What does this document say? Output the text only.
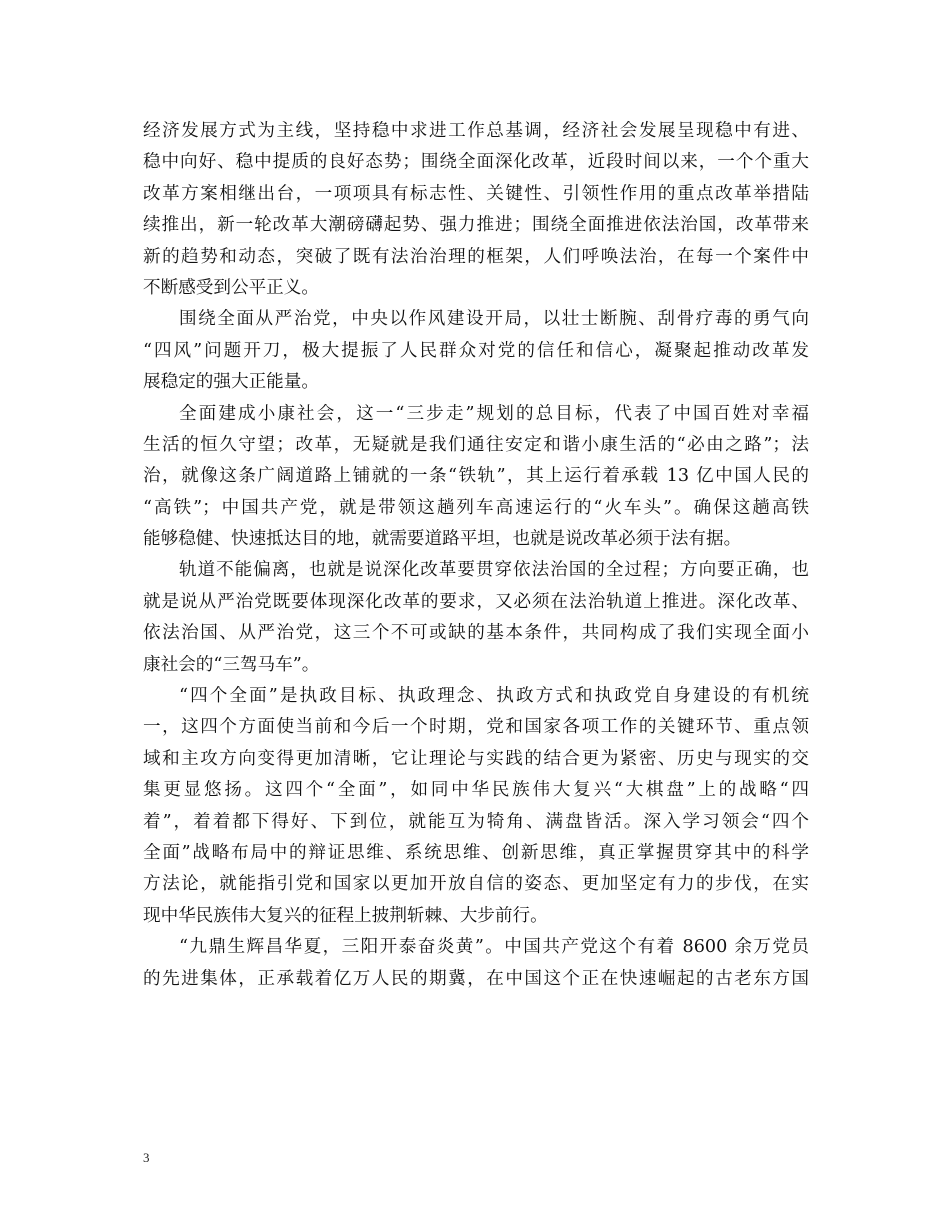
经济发展方式为主线，坚持稳中求进工作总基调，经济社会发展呈现稳中有进、
稳中向好、稳中提质的良好态势；围绕全面深化改革，近段时间以来，一个个重大
改革方案相继出台，一项项具有标志性、关键性、引领性作用的重点改革举措陆
续推出，新一轮改革大潮磅礴起势、强力推进；围绕全面推进依法治国，改革带来
新的趋势和动态，突破了既有法治治理的框架，人们呼唤法治，在每一个案件中
不断感受到公平正义。
围绕全面从严治党，中央以作风建设开局，以壮士断腕、刮骨疗毒的勇气向
“四风”问题开刀，极大提振了人民群众对党的信任和信心，凝聚起推动改革发
展稳定的强大正能量。
全面建成小康社会，这一“三步走”规划的总目标，代表了中国百姓对幸福
生活的恒久守望；改革，无疑就是我们通往安定和谐小康生活的“必由之路”；法
治，就像这条广阔道路上铺就的一条“铁轨”，其上运行着承载 13 亿中国人民的
“高铁”；中国共产党，就是带领这趟列车高速运行的“火车头”。确保这趟高铁
能够稳健、快速抵达目的地，就需要道路平坦，也就是说改革必须于法有据。
轨道不能偏离，也就是说深化改革要贯穿依法治国的全过程；方向要正确，也
就是说从严治党既要体现深化改革的要求，又必须在法治轨道上推进。深化改革、
依法治国、从严治党，这三个不可或缺的基本条件，共同构成了我们实现全面小
康社会的“三驾马车”。
“四个全面”是执政目标、执政理念、执政方式和执政党自身建设的有机统
一，这四个方面使当前和今后一个时期，党和国家各项工作的关键环节、重点领
域和主攻方向变得更加清晰，它让理论与实践的结合更为紧密、历史与现实的交
集更显悠扬。这四个“全面”，如同中华民族伟大复兴“大棋盘”上的战略“四
着”，着着都下得好、下到位，就能互为犄角、满盘皆活。深入学习领会“四个
全面”战略布局中的辩证思维、系统思维、创新思维，真正掌握贯穿其中的科学
方法论，就能指引党和国家以更加开放自信的姿态、更加坚定有力的步伐，在实
现中华民族伟大复兴的征程上披荆斩棘、大步前行。
“九鼎生辉昌华夏，三阳开泰奋炎黄”。中国共产党这个有着 8600 余万党员
的先进集体，正承载着亿万人民的期冀，在中国这个正在快速崛起的古老东方国
3
